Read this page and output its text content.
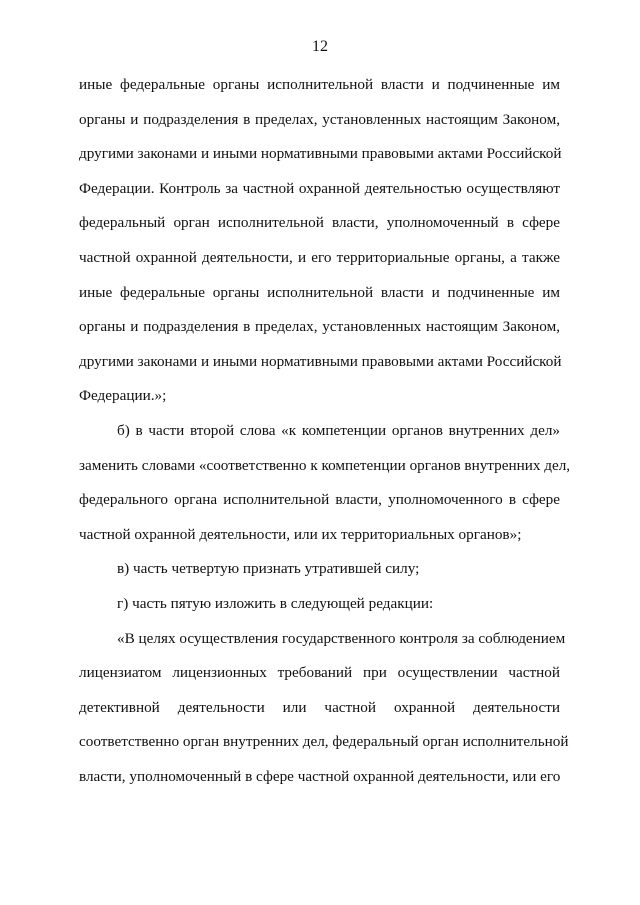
12
иные федеральные органы исполнительной власти и подчиненные им
органы и подразделения в пределах, установленных настоящим Законом,
другими законами и иными нормативными правовыми актами Российской
Федерации. Контроль за частной охранной деятельностью осуществляют
федеральный орган исполнительной власти, уполномоченный в сфере
частной охранной деятельности, и его территориальные органы, а также
иные федеральные органы исполнительной власти и подчиненные им
органы и подразделения в пределах, установленных настоящим Законом,
другими законами и иными нормативными правовыми актами Российской
Федерации.»;
б) в части второй слова «к компетенции органов внутренних дел»
заменить словами «соответственно к компетенции органов внутренних дел,
федерального органа исполнительной власти, уполномоченного в сфере
частной охранной деятельности, или их территориальных органов»;
в) часть четвертую признать утратившей силу;
г) часть пятую изложить в следующей редакции:
«В целях осуществления государственного контроля за соблюдением
лицензиатом лицензионных требований при осуществлении частной
детективной деятельности или частной охранной деятельности
соответственно орган внутренних дел, федеральный орган исполнительной
власти, уполномоченный в сфере частной охранной деятельности, или его
